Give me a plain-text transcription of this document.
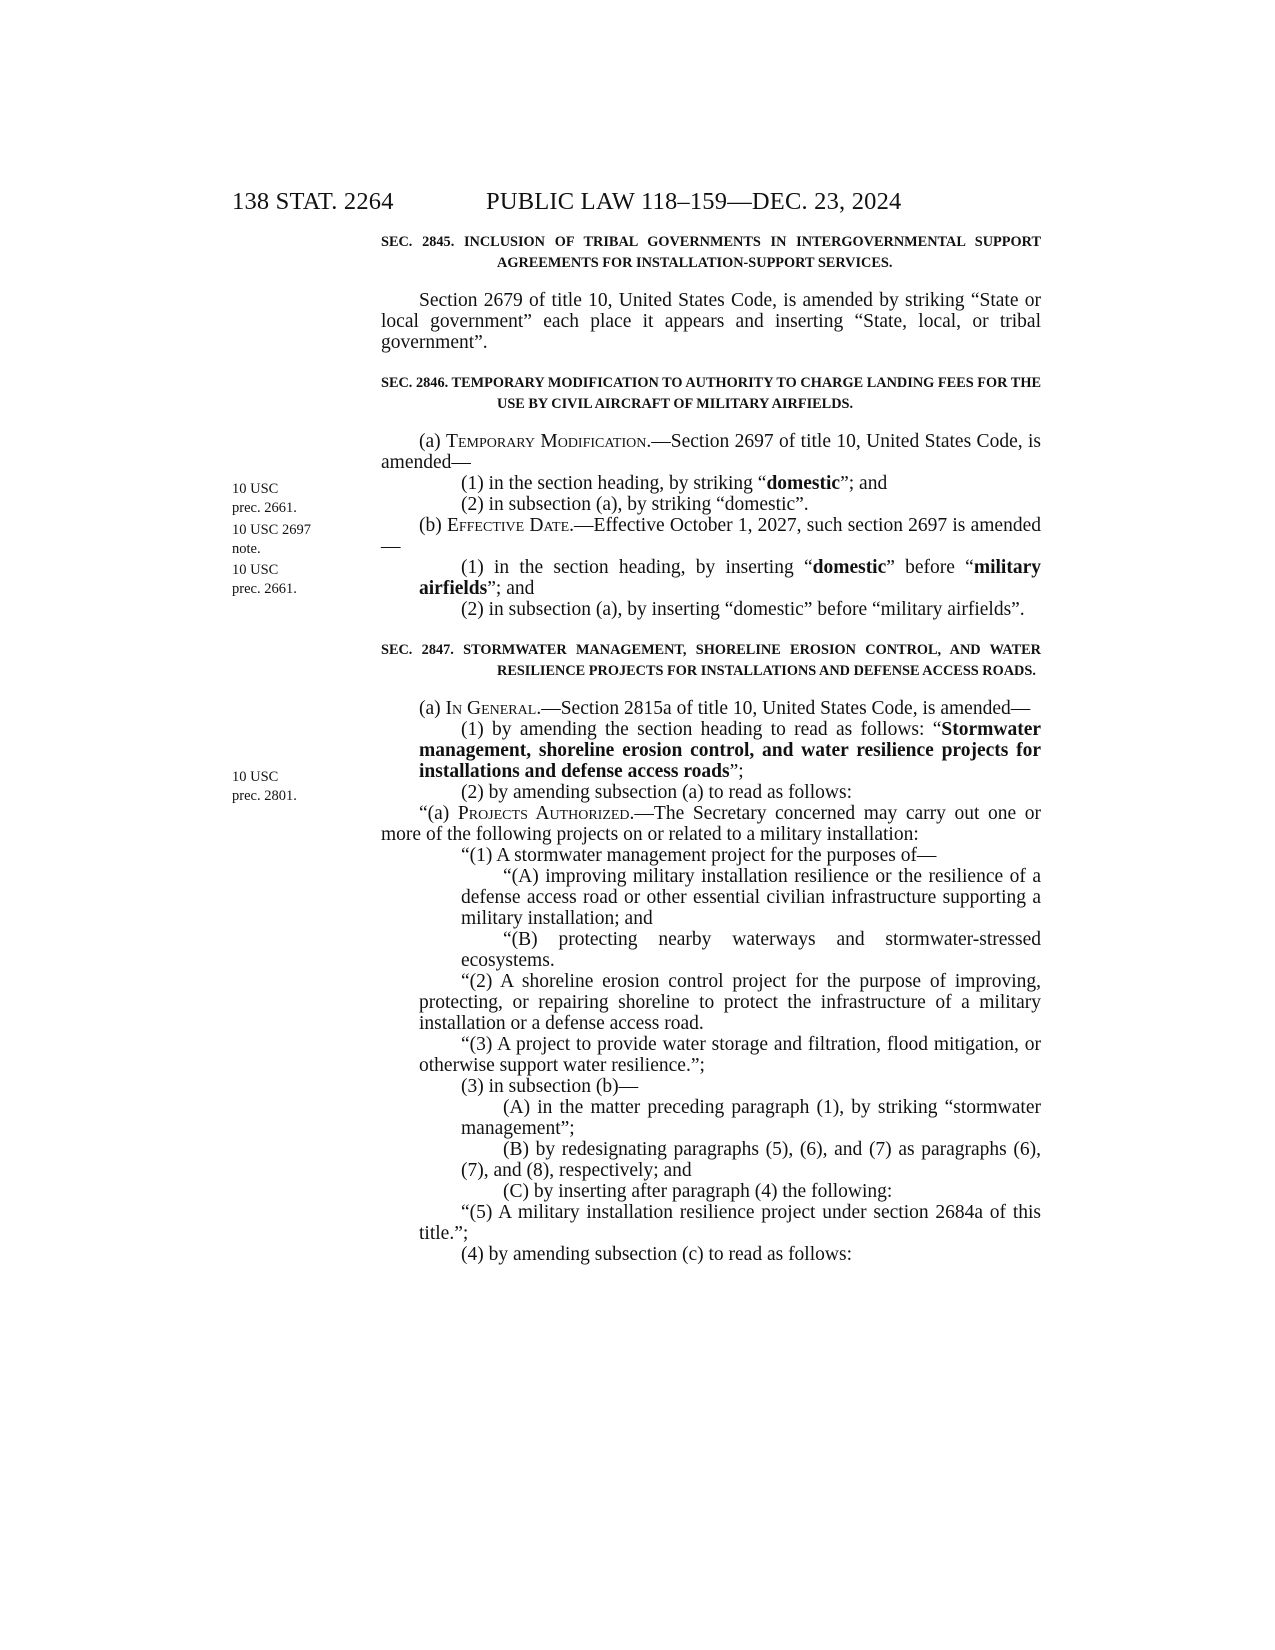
138 STAT. 2264	PUBLIC LAW 118–159—DEC. 23, 2024
10 USC
prec. 2661.
10 USC 2697
note.
10 USC
prec. 2661.
10 USC
prec. 2801.
SEC. 2845. INCLUSION OF TRIBAL GOVERNMENTS IN INTERGOVERNMENTAL SUPPORT AGREEMENTS FOR INSTALLATION-SUPPORT SERVICES.

Section 2679 of title 10, United States Code, is amended by striking “State or local government” each place it appears and inserting “State, local, or tribal government”.

SEC. 2846. TEMPORARY MODIFICATION TO AUTHORITY TO CHARGE LANDING FEES FOR THE USE BY CIVIL AIRCRAFT OF MILITARY AIRFIELDS.

(a) Temporary Modification.—Section 2697 of title 10, United States Code, is amended—

(1) in the section heading, by striking “domestic”; and

(2) in subsection (a), by striking “domestic”.

(b) Effective Date.—Effective October 1, 2027, such section 2697 is amended—

(1) in the section heading, by inserting “domestic” before “military airfields”; and

(2) in subsection (a), by inserting “domestic” before “military airfields”.

SEC. 2847. STORMWATER MANAGEMENT, SHORELINE EROSION CONTROL, AND WATER RESILIENCE PROJECTS FOR INSTALLATIONS AND DEFENSE ACCESS ROADS.

(a) In General.—Section 2815a of title 10, United States Code, is amended—

(1) by amending the section heading to read as follows: “Stormwater management, shoreline erosion control, and water resilience projects for installations and defense access roads”;

(2) by amending subsection (a) to read as follows:

“(a) Projects Authorized.—The Secretary concerned may carry out one or more of the following projects on or related to a military installation:

“(1) A stormwater management project for the purposes of—

“(A) improving military installation resilience or the resilience of a defense access road or other essential civilian infrastructure supporting a military installation; and

“(B) protecting nearby waterways and stormwater-stressed ecosystems.

“(2) A shoreline erosion control project for the purpose of improving, protecting, or repairing shoreline to protect the infrastructure of a military installation or a defense access road.

“(3) A project to provide water storage and filtration, flood mitigation, or otherwise support water resilience.”;

(3) in subsection (b)—

(A) in the matter preceding paragraph (1), by striking “stormwater management”;

(B) by redesignating paragraphs (5), (6), and (7) as paragraphs (6), (7), and (8), respectively; and

(C) by inserting after paragraph (4) the following:

“(5) A military installation resilience project under section 2684a of this title.”;

(4) by amending subsection (c) to read as follows:
